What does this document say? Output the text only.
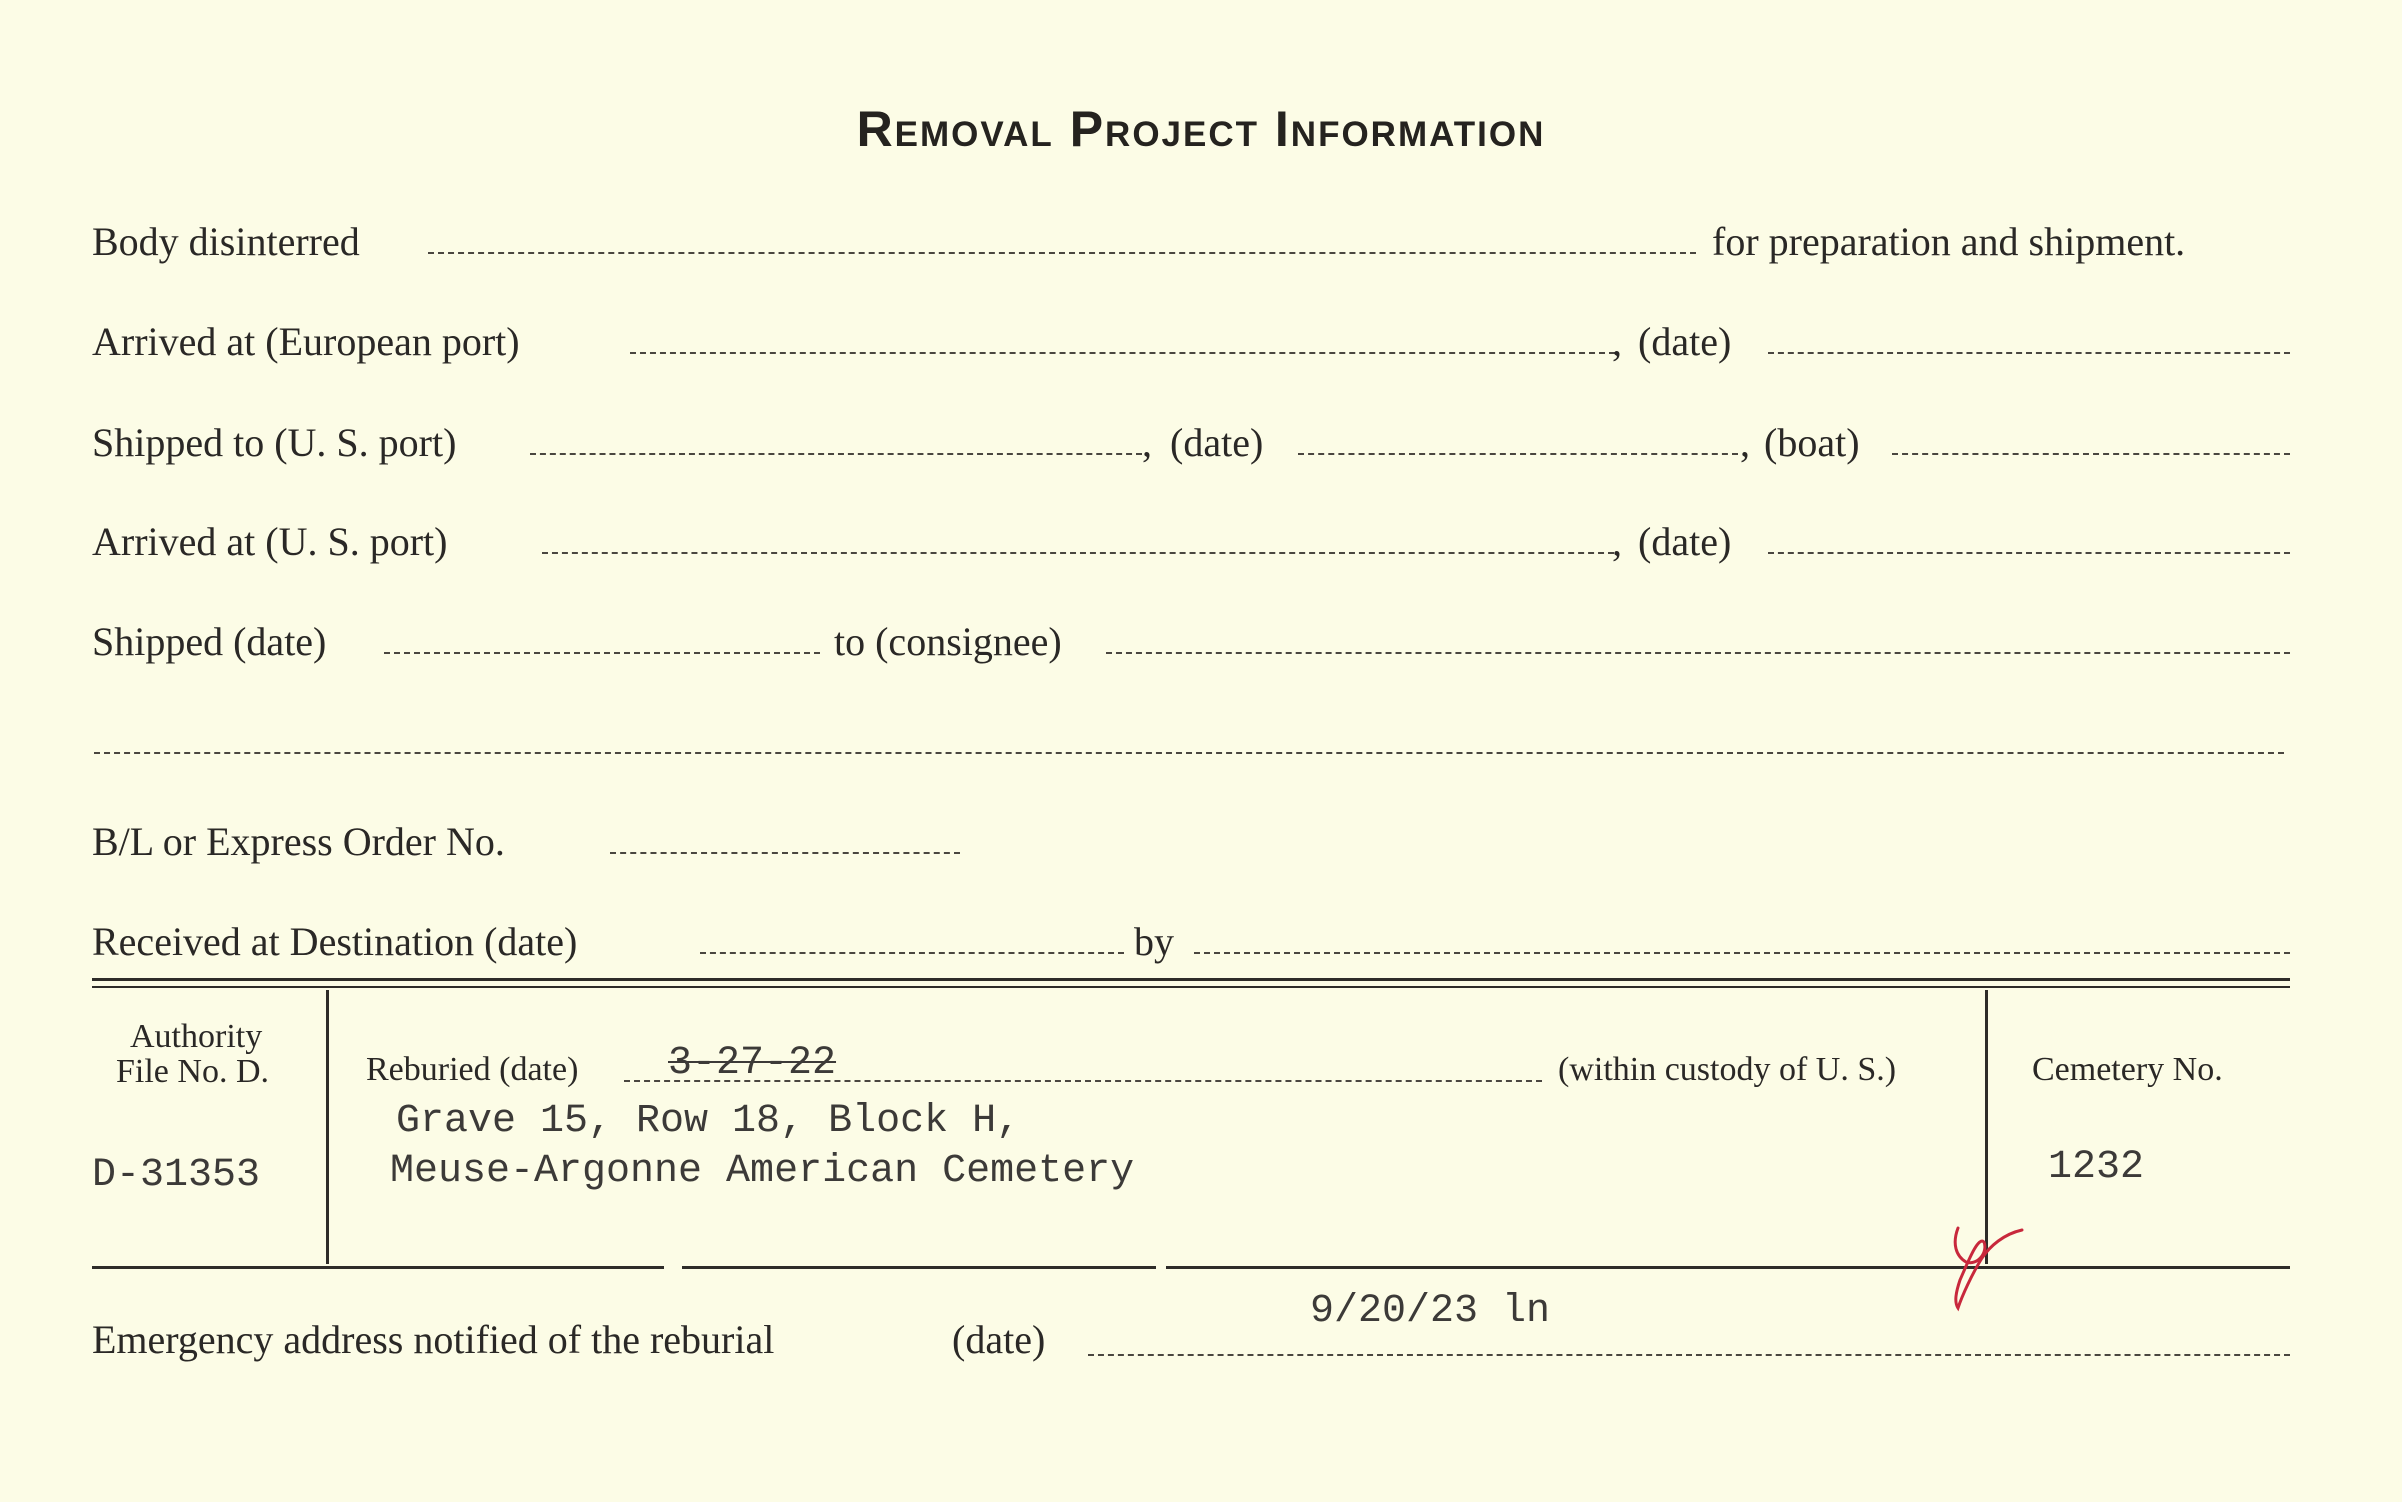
Removal Project Information
Body disinterred	for preparation and shipment.
Arrived at (European port)	, (date)
Shipped to (U. S. port)	, (date)	, (boat)
Arrived at (U. S. port)	, (date)
Shipped (date)	to (consignee)
B/L or Express Order No.
Received at Destination (date)	by
Authority
File No. D.
D-31353
Reburied (date) 3-27-22	(within custody of U. S.)
Grave 15, Row 18, Block H,
Meuse-Argonne American Cemetery
Cemetery No.
1232
Emergency address notified of the reburial	(date)
9/20/23 ln
